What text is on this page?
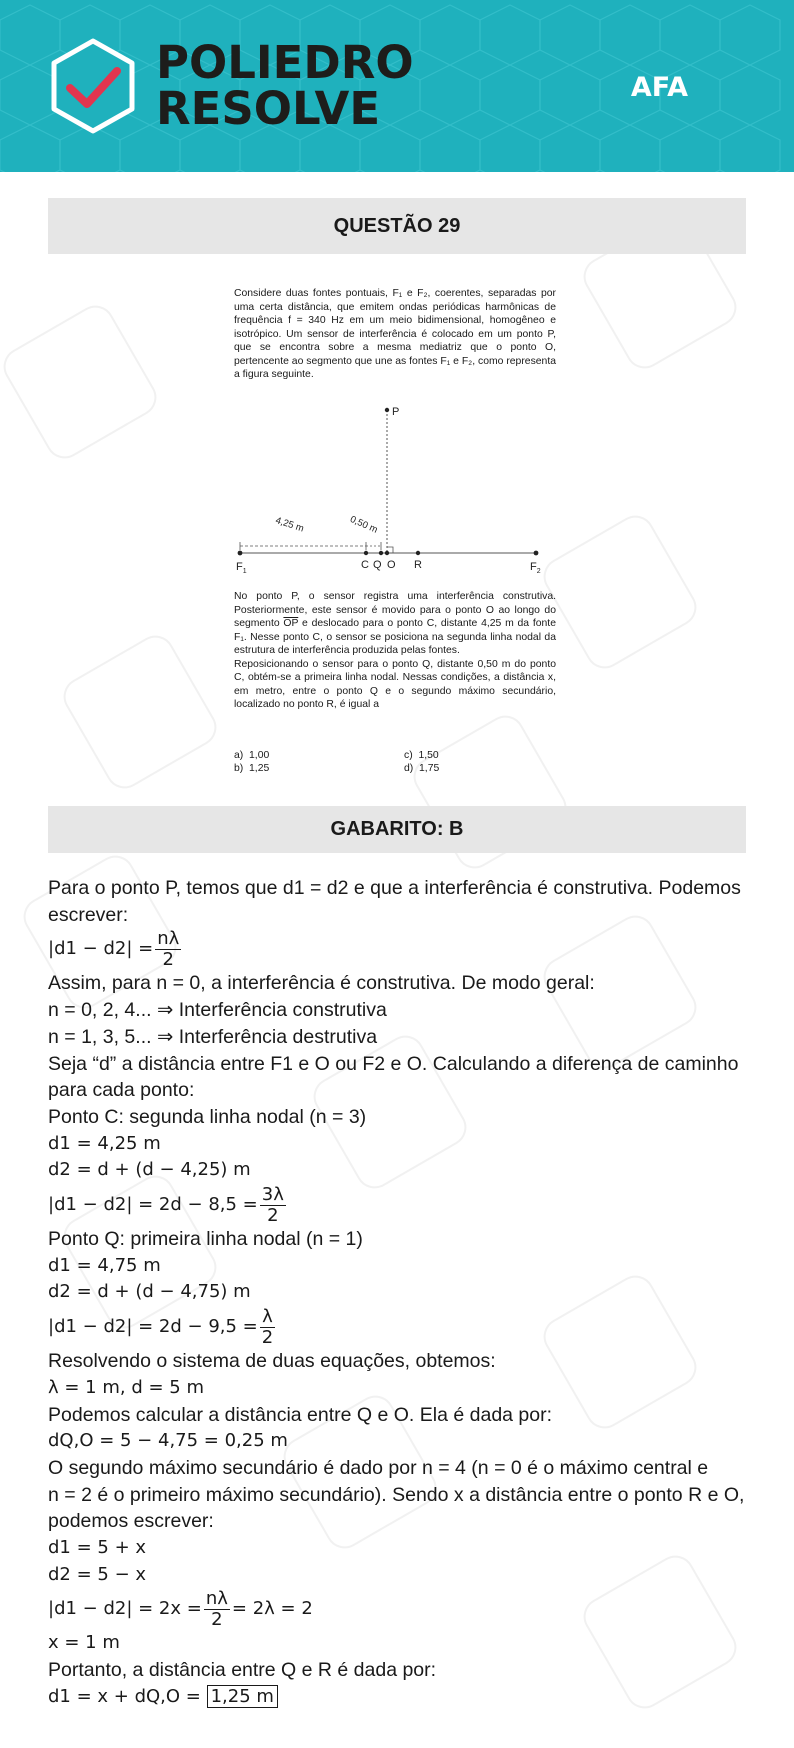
POLIEDRO
RESOLVE	AFA
QUESTÃO 29
Considere duas fontes pontuais, F₁ e F₂, coerentes, separadas por uma certa distância, que emitem ondas periódicas harmônicas de frequência f = 340 Hz em um meio bidimensional, homogêneo e isotrópico. Um sensor de interferência é colocado em um ponto P, que se encontra sobre a mesma mediatriz que o ponto O, pertencente ao segmento que une as fontes F₁ e F₂, como representa a figura seguinte.
P
4,25 m	0,50 m
$F_1$
C Q O R	$F_2$
No ponto P, o sensor registra uma interferência construtiva. Posteriormente, este sensor é movido para o ponto O ao longo do segmento $\overline{OP}$ e deslocado para o ponto C, distante 4,25 m da fonte F₁. Nesse ponto C, o sensor se posiciona na segunda linha nodal da estrutura de interferência produzida pelas fontes.
Reposicionando o sensor para o ponto Q, distante 0,50 m do ponto C, obtém-se a primeira linha nodal. Nessas condições, a distância x, em metro, entre o ponto Q e o segundo máximo secundário, localizado no ponto R, é igual a
a) 1,00
b) 1,25
c) 1,50
d) 1,75
GABARITO: B
Para o ponto P, temos que d1 = d2 e que a interferência é construtiva. Podemos
escrever:
$|d1 - d2| = \frac{n\lambda}{2}$
Assim, para n = 0, a interferência é construtiva. De modo geral:
n = 0, 2, 4... ⇒ Interferência construtiva
n = 1, 3, 5... ⇒ Interferência destrutiva
Seja “d” a distância entre F1 e O ou F2 e O. Calculando a diferença de caminho
para cada ponto:
Ponto C: segunda linha nodal (n = 3)
d1 = 4,25 m
d2 = d + (d − 4,25) m
$|d1 - d2| = 2d - 8,5 = \frac{3\lambda}{2}$
Ponto Q: primeira linha nodal (n = 1)
d1 = 4,75 m
d2 = d + (d − 4,75) m
$|d1 - d2| = 2d - 9,5 = \frac{\lambda}{2}$
Resolvendo o sistema de duas equações, obtemos:
λ = 1 m, d = 5 m
Podemos calcular a distância entre Q e O. Ela é dada por:
dQ,O = 5 − 4,75 = 0,25 m
O segundo máximo secundário é dado por n = 4 (n = 0 é o máximo central e
n = 2 é o primeiro máximo secundário). Sendo x a distância entre o ponto R e O,
podemos escrever:
d1 = 5 + x
d2 = 5 − x
$|d1 - d2| = 2x = \frac{n\lambda}{2} = 2\lambda = 2$
x = 1 m
Portanto, a distância entre Q e R é dada por:
d1 = x + dQ,O = 1,25 m
